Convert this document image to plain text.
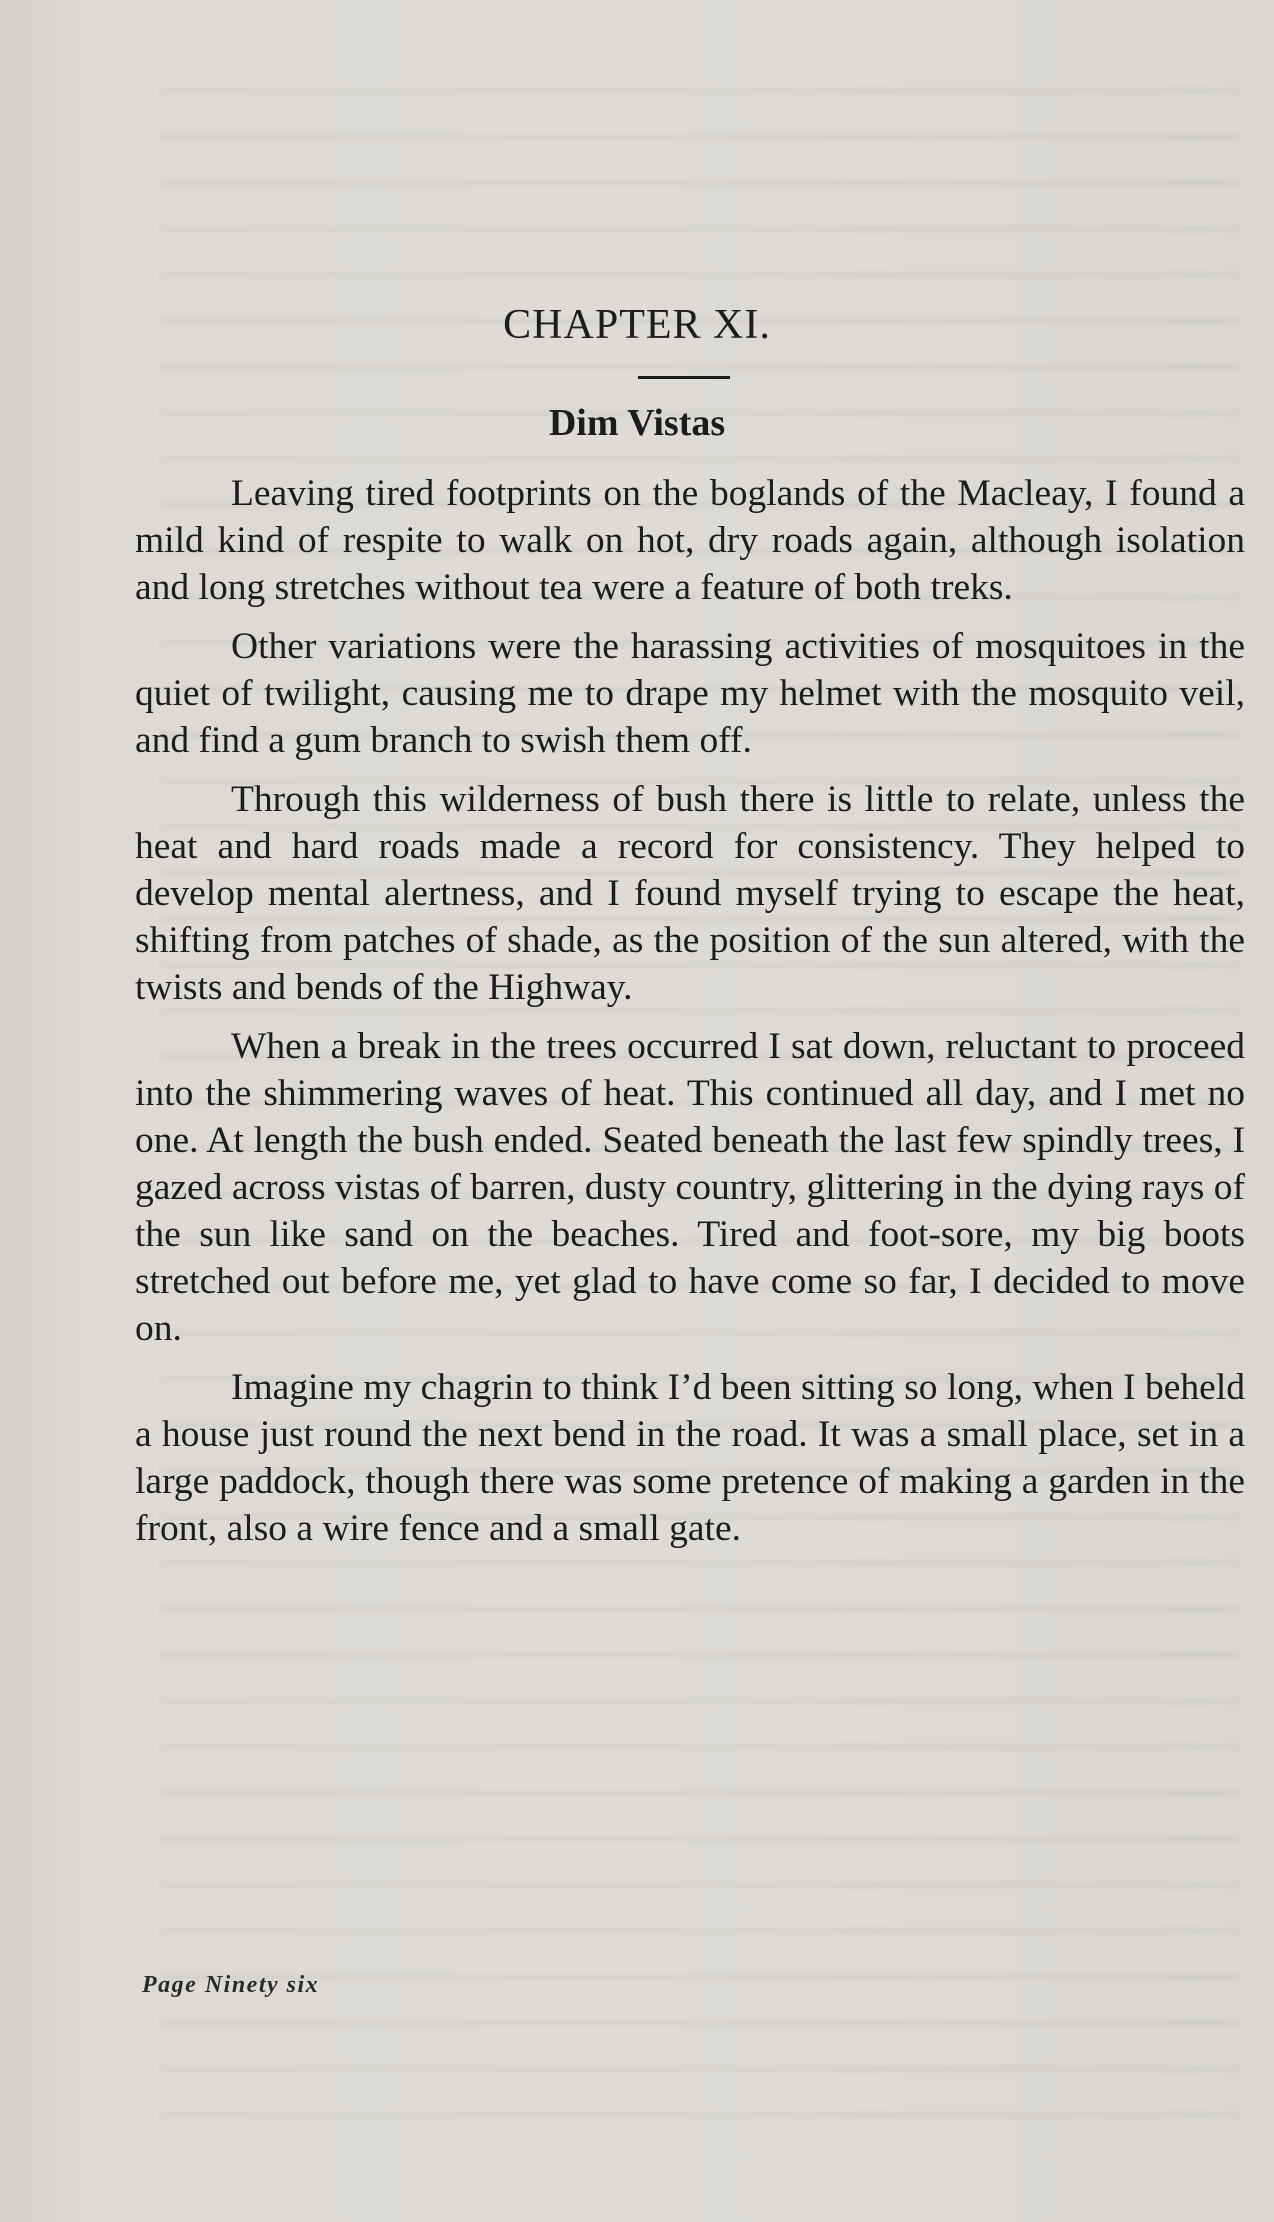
CHAPTER XI.
Dim Vistas

Leaving tired footprints on the boglands of the Macleay, I found a mild kind of respite to walk on hot, dry roads again, although isolation and long stretches without tea were a feature of both treks.

Other variations were the harassing activities of mosquitoes in the quiet of twilight, causing me to drape my helmet with the mosquito veil, and find a gum branch to swish them off.

Through this wilderness of bush there is little to relate, unless the heat and hard roads made a record for consistency. They helped to develop mental alertness, and I found myself trying to escape the heat, shifting from patches of shade, as the position of the sun altered, with the twists and bends of the Highway.

When a break in the trees occurred I sat down, reluctant to proceed into the shimmering waves of heat. This continued all day, and I met no one. At length the bush ended. Seated beneath the last few spindly trees, I gazed across vistas of barren, dusty country, glittering in the dying rays of the sun like sand on the beaches. Tired and foot-sore, my big boots stretched out before me, yet glad to have come so far, I decided to move on.

Imagine my chagrin to think I’d been sitting so long, when I beheld a house just round the next bend in the road. It was a small place, set in a large paddock, though there was some pretence of making a garden in the front, also a wire fence and a small gate.

Page Ninety six
